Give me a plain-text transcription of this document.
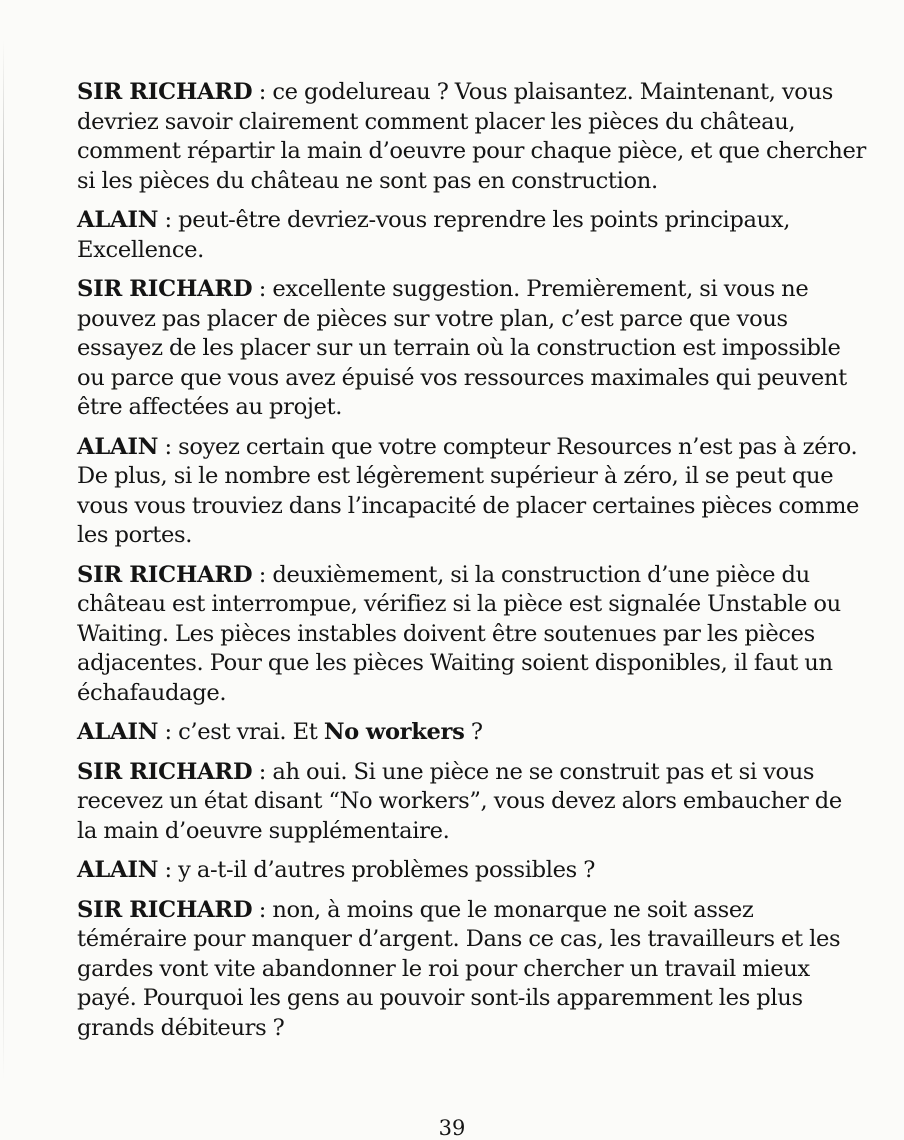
SIR RICHARD : ce godelureau ? Vous plaisantez. Maintenant, vous devriez savoir clairement comment placer les pièces du château, comment répartir la main d’oeuvre pour chaque pièce, et que chercher si les pièces du château ne sont pas en construction.

ALAIN : peut-être devriez-vous reprendre les points principaux, Excellence.

SIR RICHARD : excellente suggestion. Premièrement, si vous ne pouvez pas placer de pièces sur votre plan, c’est parce que vous essayez de les placer sur un terrain où la construction est impossible ou parce que vous avez épuisé vos ressources maximales qui peuvent être affectées au projet.

ALAIN : soyez certain que votre compteur Resources n’est pas à zéro. De plus, si le nombre est légèrement supérieur à zéro, il se peut que vous vous trouviez dans l’incapacité de placer certaines pièces comme les portes.

SIR RICHARD : deuxièmement, si la construction d’une pièce du château est interrompue, vérifiez si la pièce est signalée Unstable ou Waiting. Les pièces instables doivent être soutenues par les pièces adjacentes. Pour que les pièces Waiting soient disponibles, il faut un échafaudage.

ALAIN : c’est vrai. Et No workers ?

SIR RICHARD : ah oui. Si une pièce ne se construit pas et si vous recevez un état disant “No workers”, vous devez alors embaucher de la main d’oeuvre supplémentaire.

ALAIN : y a-t-il d’autres problèmes possibles ?

SIR RICHARD : non, à moins que le monarque ne soit assez téméraire pour manquer d’argent. Dans ce cas, les travailleurs et les gardes vont vite abandonner le roi pour chercher un travail mieux payé. Pourquoi les gens au pouvoir sont-ils apparemment les plus grands débiteurs ?

39
